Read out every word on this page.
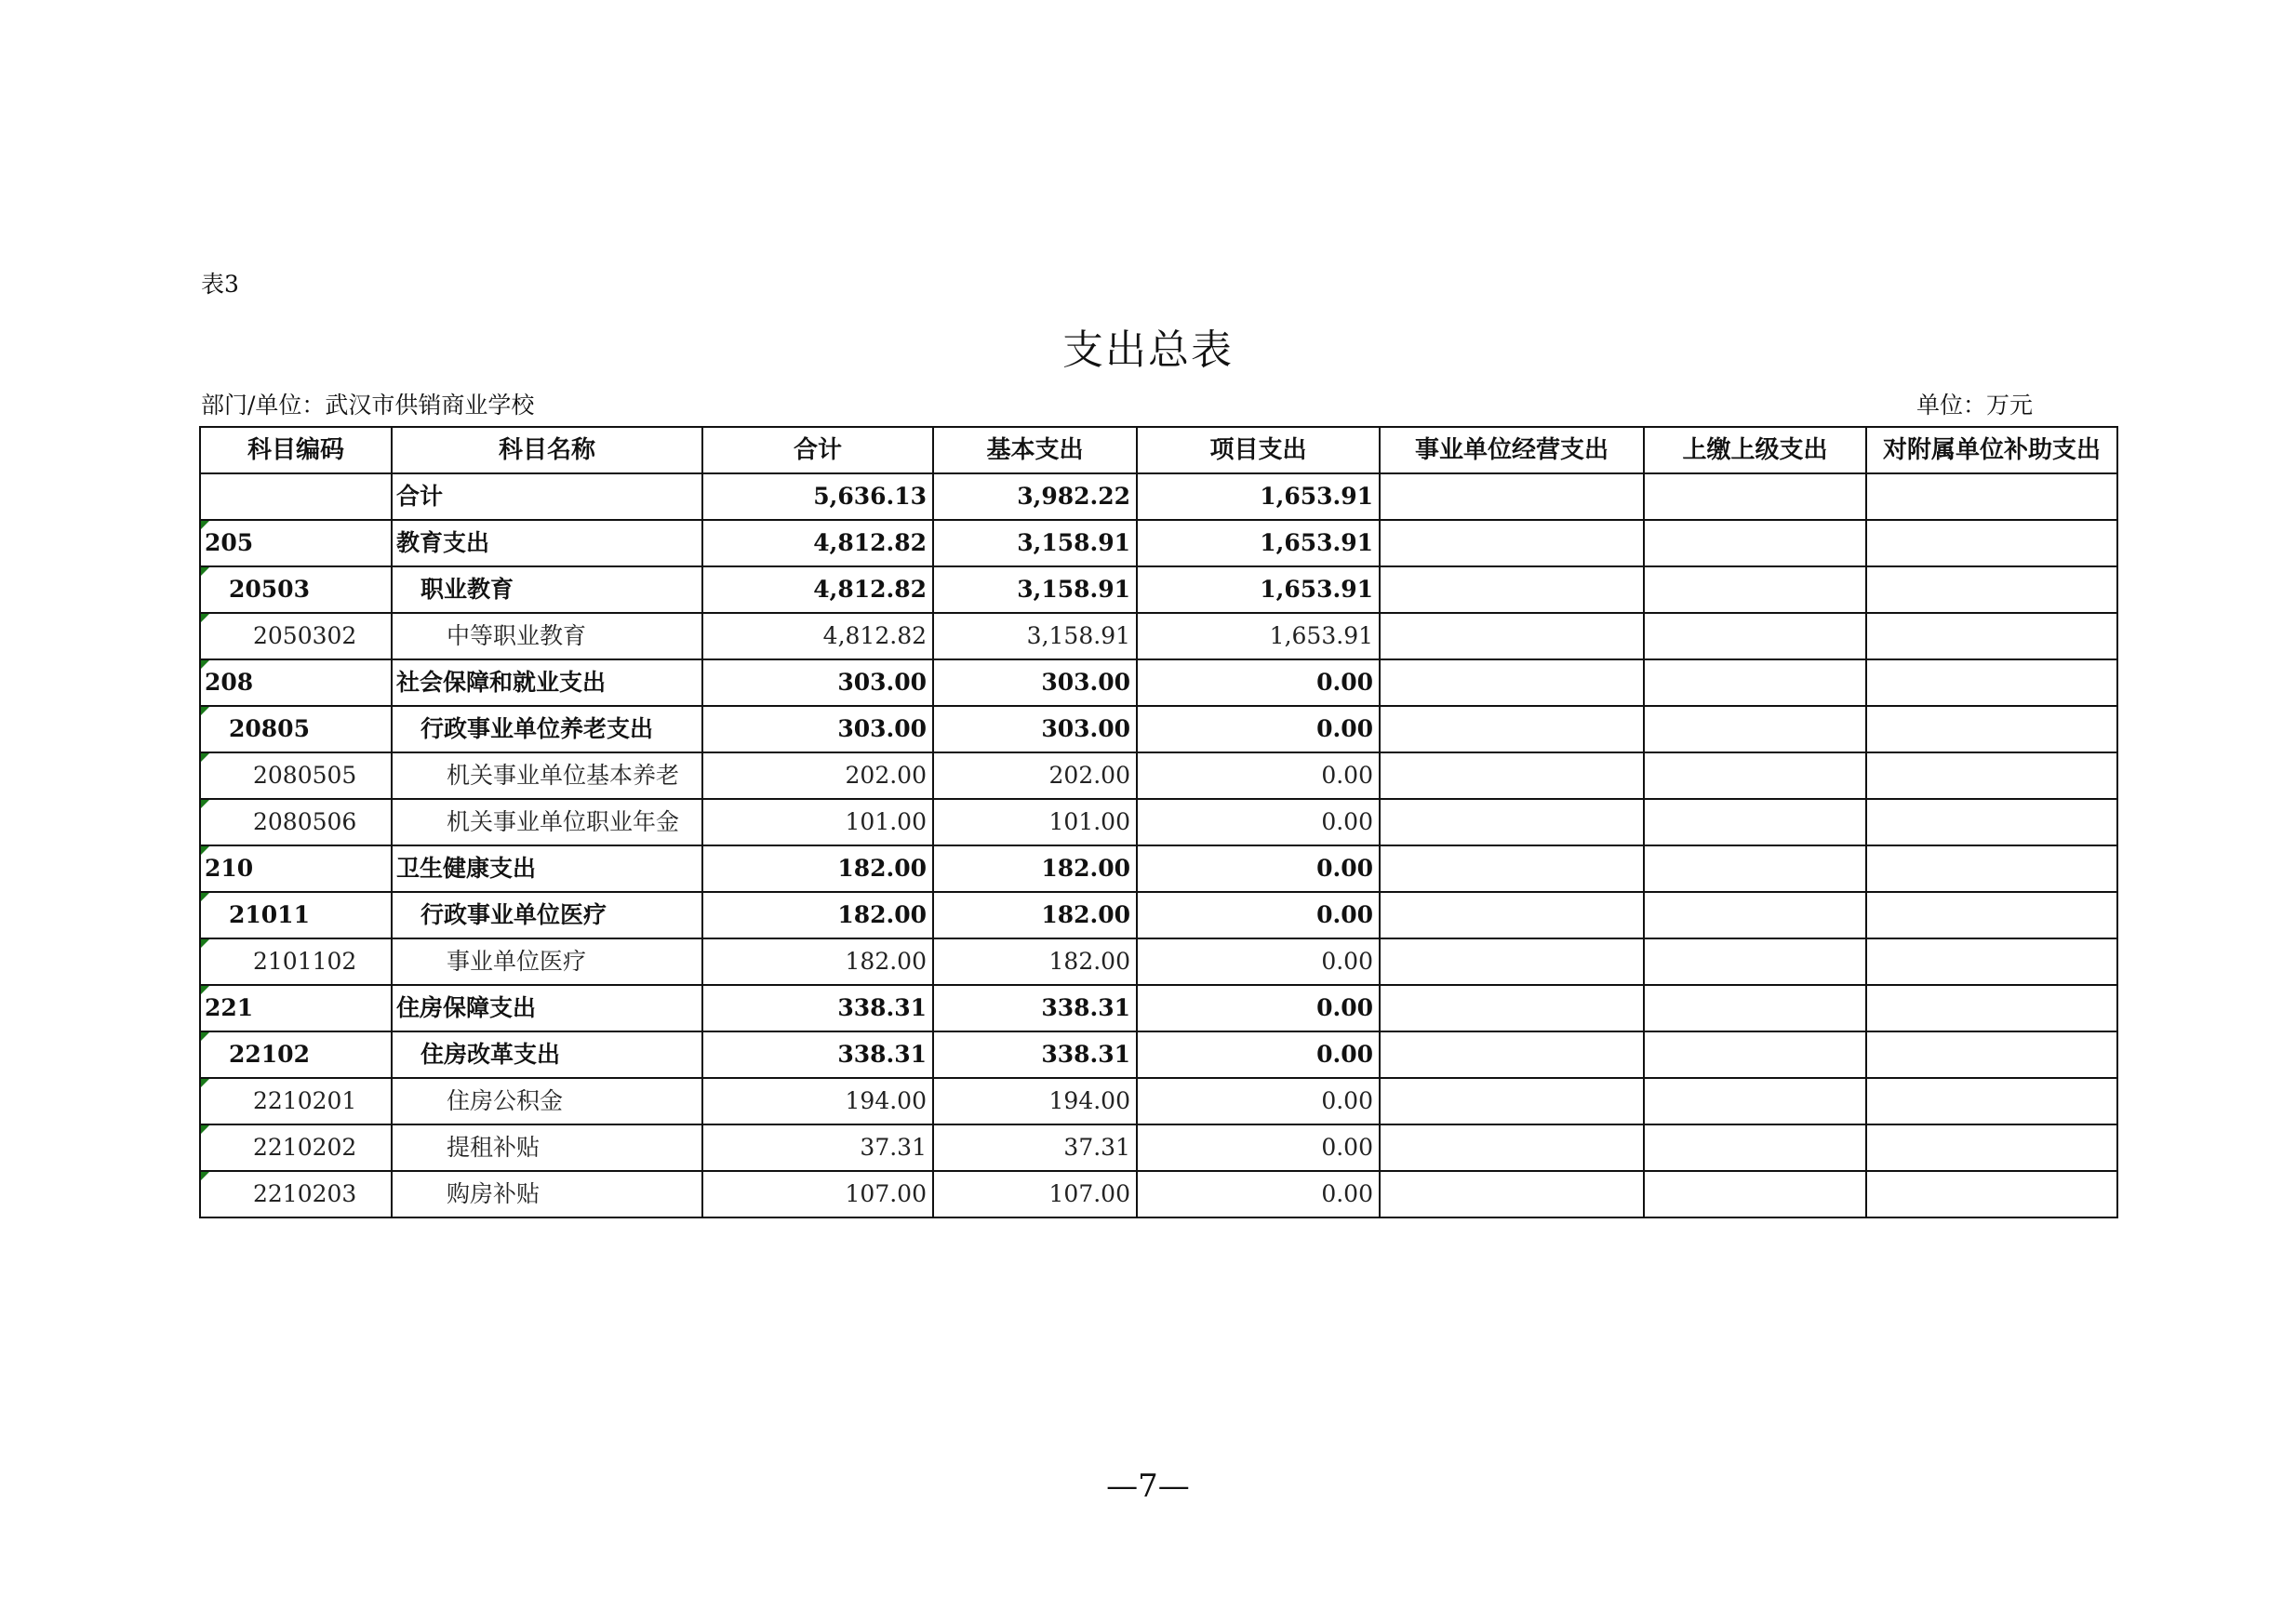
表3
支出总表
部门/单位：武汉市供销商业学校	单位：万元
科目编码	科目名称	合计	基本支出	项目支出	事业单位经营支出	上缴上级支出	对附属单位补助支出
	合计	5,636.13	3,982.22	1,653.91			
205	教育支出	4,812.82	3,158.91	1,653.91			
20503	职业教育	4,812.82	3,158.91	1,653.91			
2050302	中等职业教育	4,812.82	3,158.91	1,653.91			
208	社会保障和就业支出	303.00	303.00	0.00			
20805	行政事业单位养老支出	303.00	303.00	0.00			
2080505	机关事业单位基本养老	202.00	202.00	0.00			
2080506	机关事业单位职业年金	101.00	101.00	0.00			
210	卫生健康支出	182.00	182.00	0.00			
21011	行政事业单位医疗	182.00	182.00	0.00			
2101102	事业单位医疗	182.00	182.00	0.00			
221	住房保障支出	338.31	338.31	0.00			
22102	住房改革支出	338.31	338.31	0.00			
2210201	住房公积金	194.00	194.00	0.00			
2210202	提租补贴	37.31	37.31	0.00			
2210203	购房补贴	107.00	107.00	0.00			
—7—
